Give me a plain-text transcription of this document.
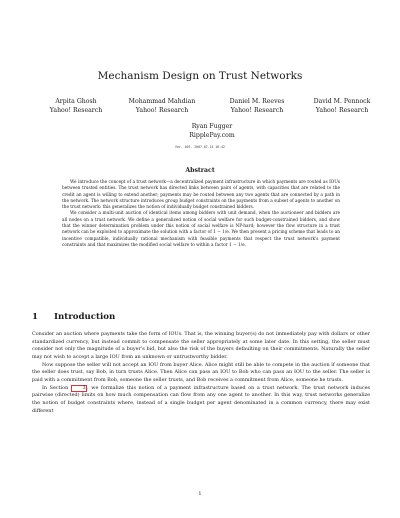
Mechanism Design on Trust Networks
Arpita Ghosh
Yahoo! Research
Mohammad Mahdian
Yahoo! Research
Daniel M. Reeves
Yahoo! Research
David M. Pennock
Yahoo! Research
Ryan Fugger
RipplePay.com
Ver. 405. 2007-07-14 16:42
Abstract

We introduce the concept of a trust network—a decentralized payment infrastructure in which payments are routed as IOUs between trusted entities. The trust network has directed links between pairs of agents, with capacities that are related to the credit an agent is willing to extend another; payments may be routed between any two agents that are connected by a path in the network. The network structure introduces group budget constraints on the payments from a subset of agents to another on the trust network: this generalizes the notion of individually budget constrained bidders.

We consider a multi-unit auction of identical items among bidders with unit demand, when the auctioneer and bidders are all nodes on a trust network. We define a generalized notion of social welfare for such budget-constrained bidders, and show that the winner determination problem under this notion of social welfare is NP-hard; however the flow structure in a trust network can be exploited to approximate the solution with a factor of 1 − 1/e. We then present a pricing scheme that leads to an incentive compatible, individually rational mechanism with feasible payments that respect the trust network's payment constraints and that maximizes the modified social welfare to within a factor 1 − 1/e.

1 Introduction

Consider an auction where payments take the form of IOUs. That is, the winning buyer(s) do not immediately pay with dollars or other standardized currency, but instead commit to compensate the seller appropriately at some later date. In this setting, the seller must consider not only the magnitude of a buyer's bid, but also the risk of the buyers defaulting on their commitments. Naturally the seller may not wish to accept a large IOU from an unknown or untrustworthy bidder.

Now suppose the seller will not accept an IOU from buyer Alice. Alice might still be able to compete in the auction if someone that the seller does trust, say Bob, in turn trusts Alice. Then Alice can pass an IOU to Bob who can pass an IOU to the seller. The seller is paid with a commitment from Bob, someone the seller trusts, and Bob receives a commitment from Alice, someone he trusts.

In Section 3 , we formalize this notion of a payment infrastructure based on a trust network. The trust network induces pairwise (directed) limits on how much compensation can flow from any one agent to another. In this way, trust networks generalize the notion of budget constraints where, instead of a single budget per agent denominated in a common currency, there may exist different

1
